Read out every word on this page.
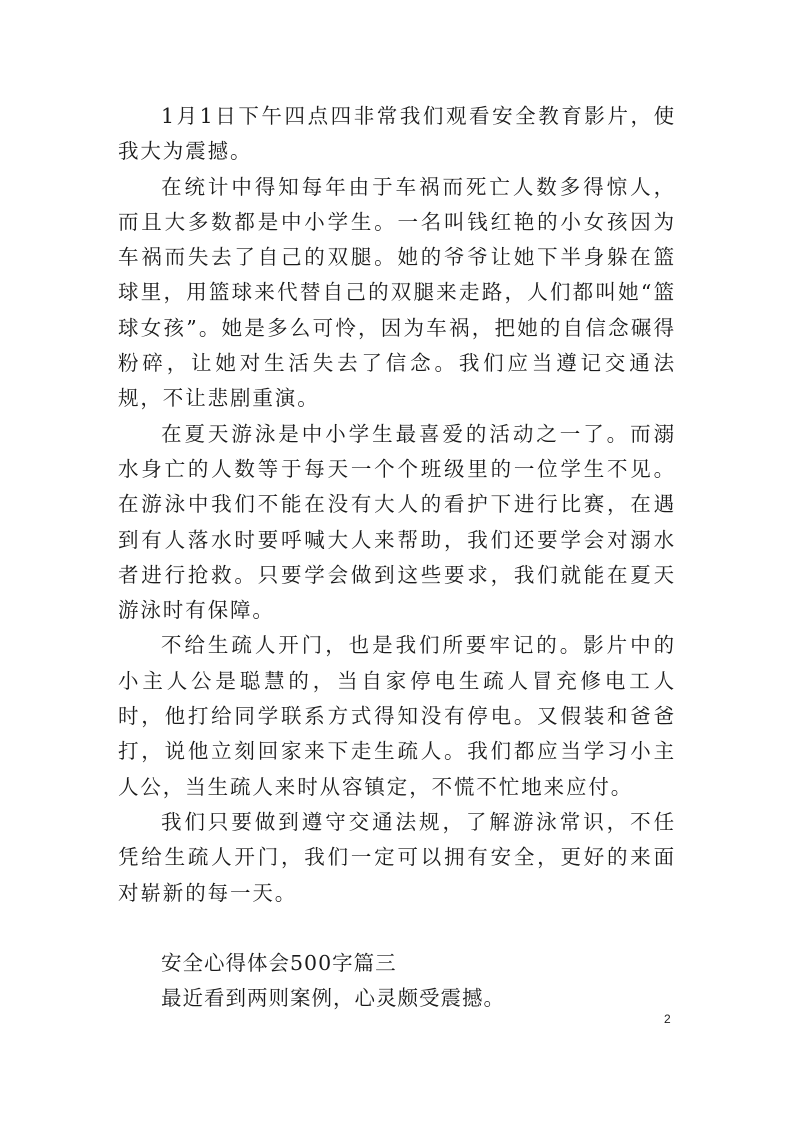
1月1日下午四点四非常我们观看安全教育影片，使我大为震撼。

在统计中得知每年由于车祸而死亡人数多得惊人，而且大多数都是中小学生。一名叫钱红艳的小女孩因为车祸而失去了自己的双腿。她的爷爷让她下半身躲在篮球里，用篮球来代替自己的双腿来走路，人们都叫她“篮球女孩”。她是多么可怜，因为车祸，把她的自信念碾得粉碎，让她对生活失去了信念。我们应当遵记交通法规，不让悲剧重演。

在夏天游泳是中小学生最喜爱的活动之一了。而溺水身亡的人数等于每天一个个班级里的一位学生不见。在游泳中我们不能在没有大人的看护下进行比赛，在遇到有人落水时要呼喊大人来帮助，我们还要学会对溺水者进行抢救。只要学会做到这些要求，我们就能在夏天游泳时有保障。

不给生疏人开门，也是我们所要牢记的。影片中的小主人公是聪慧的，当自家停电生疏人冒充修电工人时，他打给同学联系方式得知没有停电。又假装和爸爸打，说他立刻回家来下走生疏人。我们都应当学习小主人公，当生疏人来时从容镇定，不慌不忙地来应付。

我们只要做到遵守交通法规，了解游泳常识，不任凭给生疏人开门，我们一定可以拥有安全，更好的来面对崭新的每一天。

安全心得体会500字篇三

最近看到两则案例，心灵颇受震撼。

2
